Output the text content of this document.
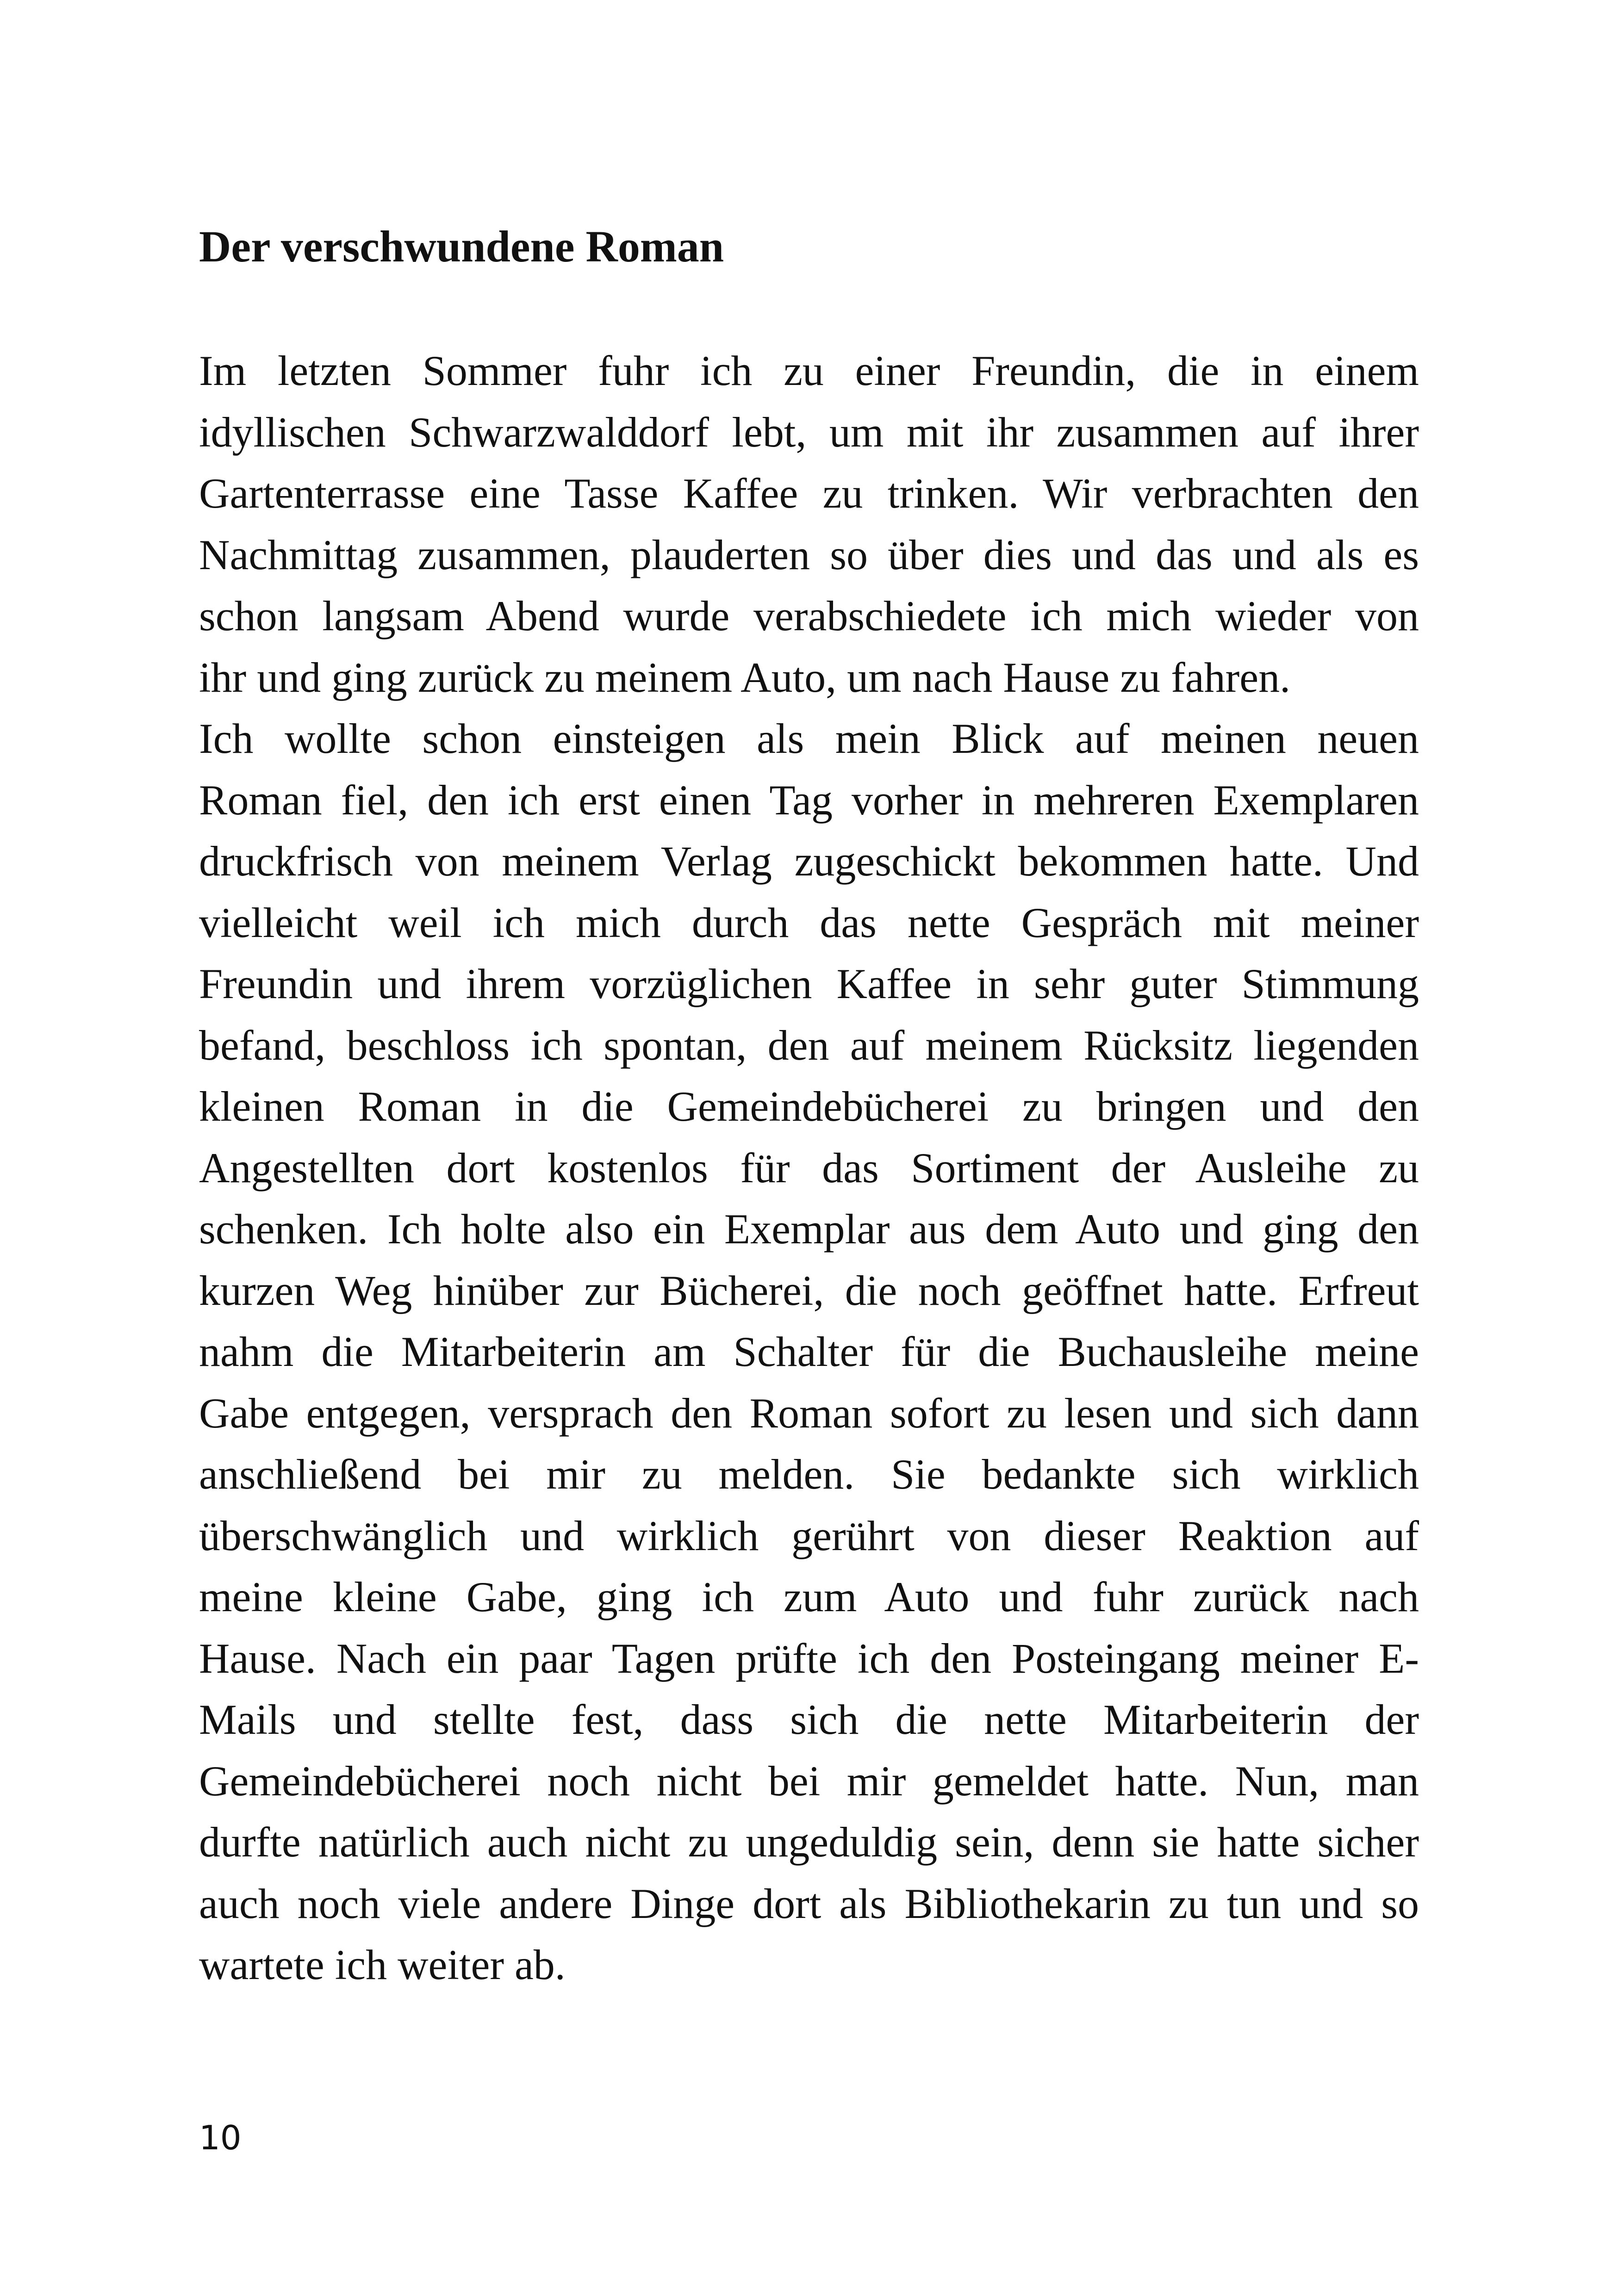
Der verschwundene Roman
Im letzten Sommer fuhr ich zu einer Freundin, die in einem
idyllischen Schwarzwalddorf lebt, um mit ihr zusammen auf ihrer
Gartenterrasse eine Tasse Kaffee zu trinken. Wir verbrachten den
Nachmittag zusammen, plauderten so über dies und das und als es
schon langsam Abend wurde verabschiedete ich mich wieder von
ihr und ging zurück zu meinem Auto, um nach Hause zu fahren.
Ich wollte schon einsteigen als mein Blick auf meinen neuen
Roman fiel, den ich erst einen Tag vorher in mehreren Exemplaren
druckfrisch von meinem Verlag zugeschickt bekommen hatte. Und
vielleicht weil ich mich durch das nette Gespräch mit meiner
Freundin und ihrem vorzüglichen Kaffee in sehr guter Stimmung
befand, beschloss ich spontan, den auf meinem Rücksitz liegenden
kleinen Roman in die Gemeindebücherei zu bringen und den
Angestellten dort kostenlos für das Sortiment der Ausleihe zu
schenken. Ich holte also ein Exemplar aus dem Auto und ging den
kurzen Weg hinüber zur Bücherei, die noch geöffnet hatte. Erfreut
nahm die Mitarbeiterin am Schalter für die Buchausleihe meine
Gabe entgegen, versprach den Roman sofort zu lesen und sich dann
anschließend bei mir zu melden. Sie bedankte sich wirklich
überschwänglich und wirklich gerührt von dieser Reaktion auf
meine kleine Gabe, ging ich zum Auto und fuhr zurück nach
Hause. Nach ein paar Tagen prüfte ich den Posteingang meiner E-
Mails und stellte fest, dass sich die nette Mitarbeiterin der
Gemeindebücherei noch nicht bei mir gemeldet hatte. Nun, man
durfte natürlich auch nicht zu ungeduldig sein, denn sie hatte sicher
auch noch viele andere Dinge dort als Bibliothekarin zu tun und so
wartete ich weiter ab.
10
